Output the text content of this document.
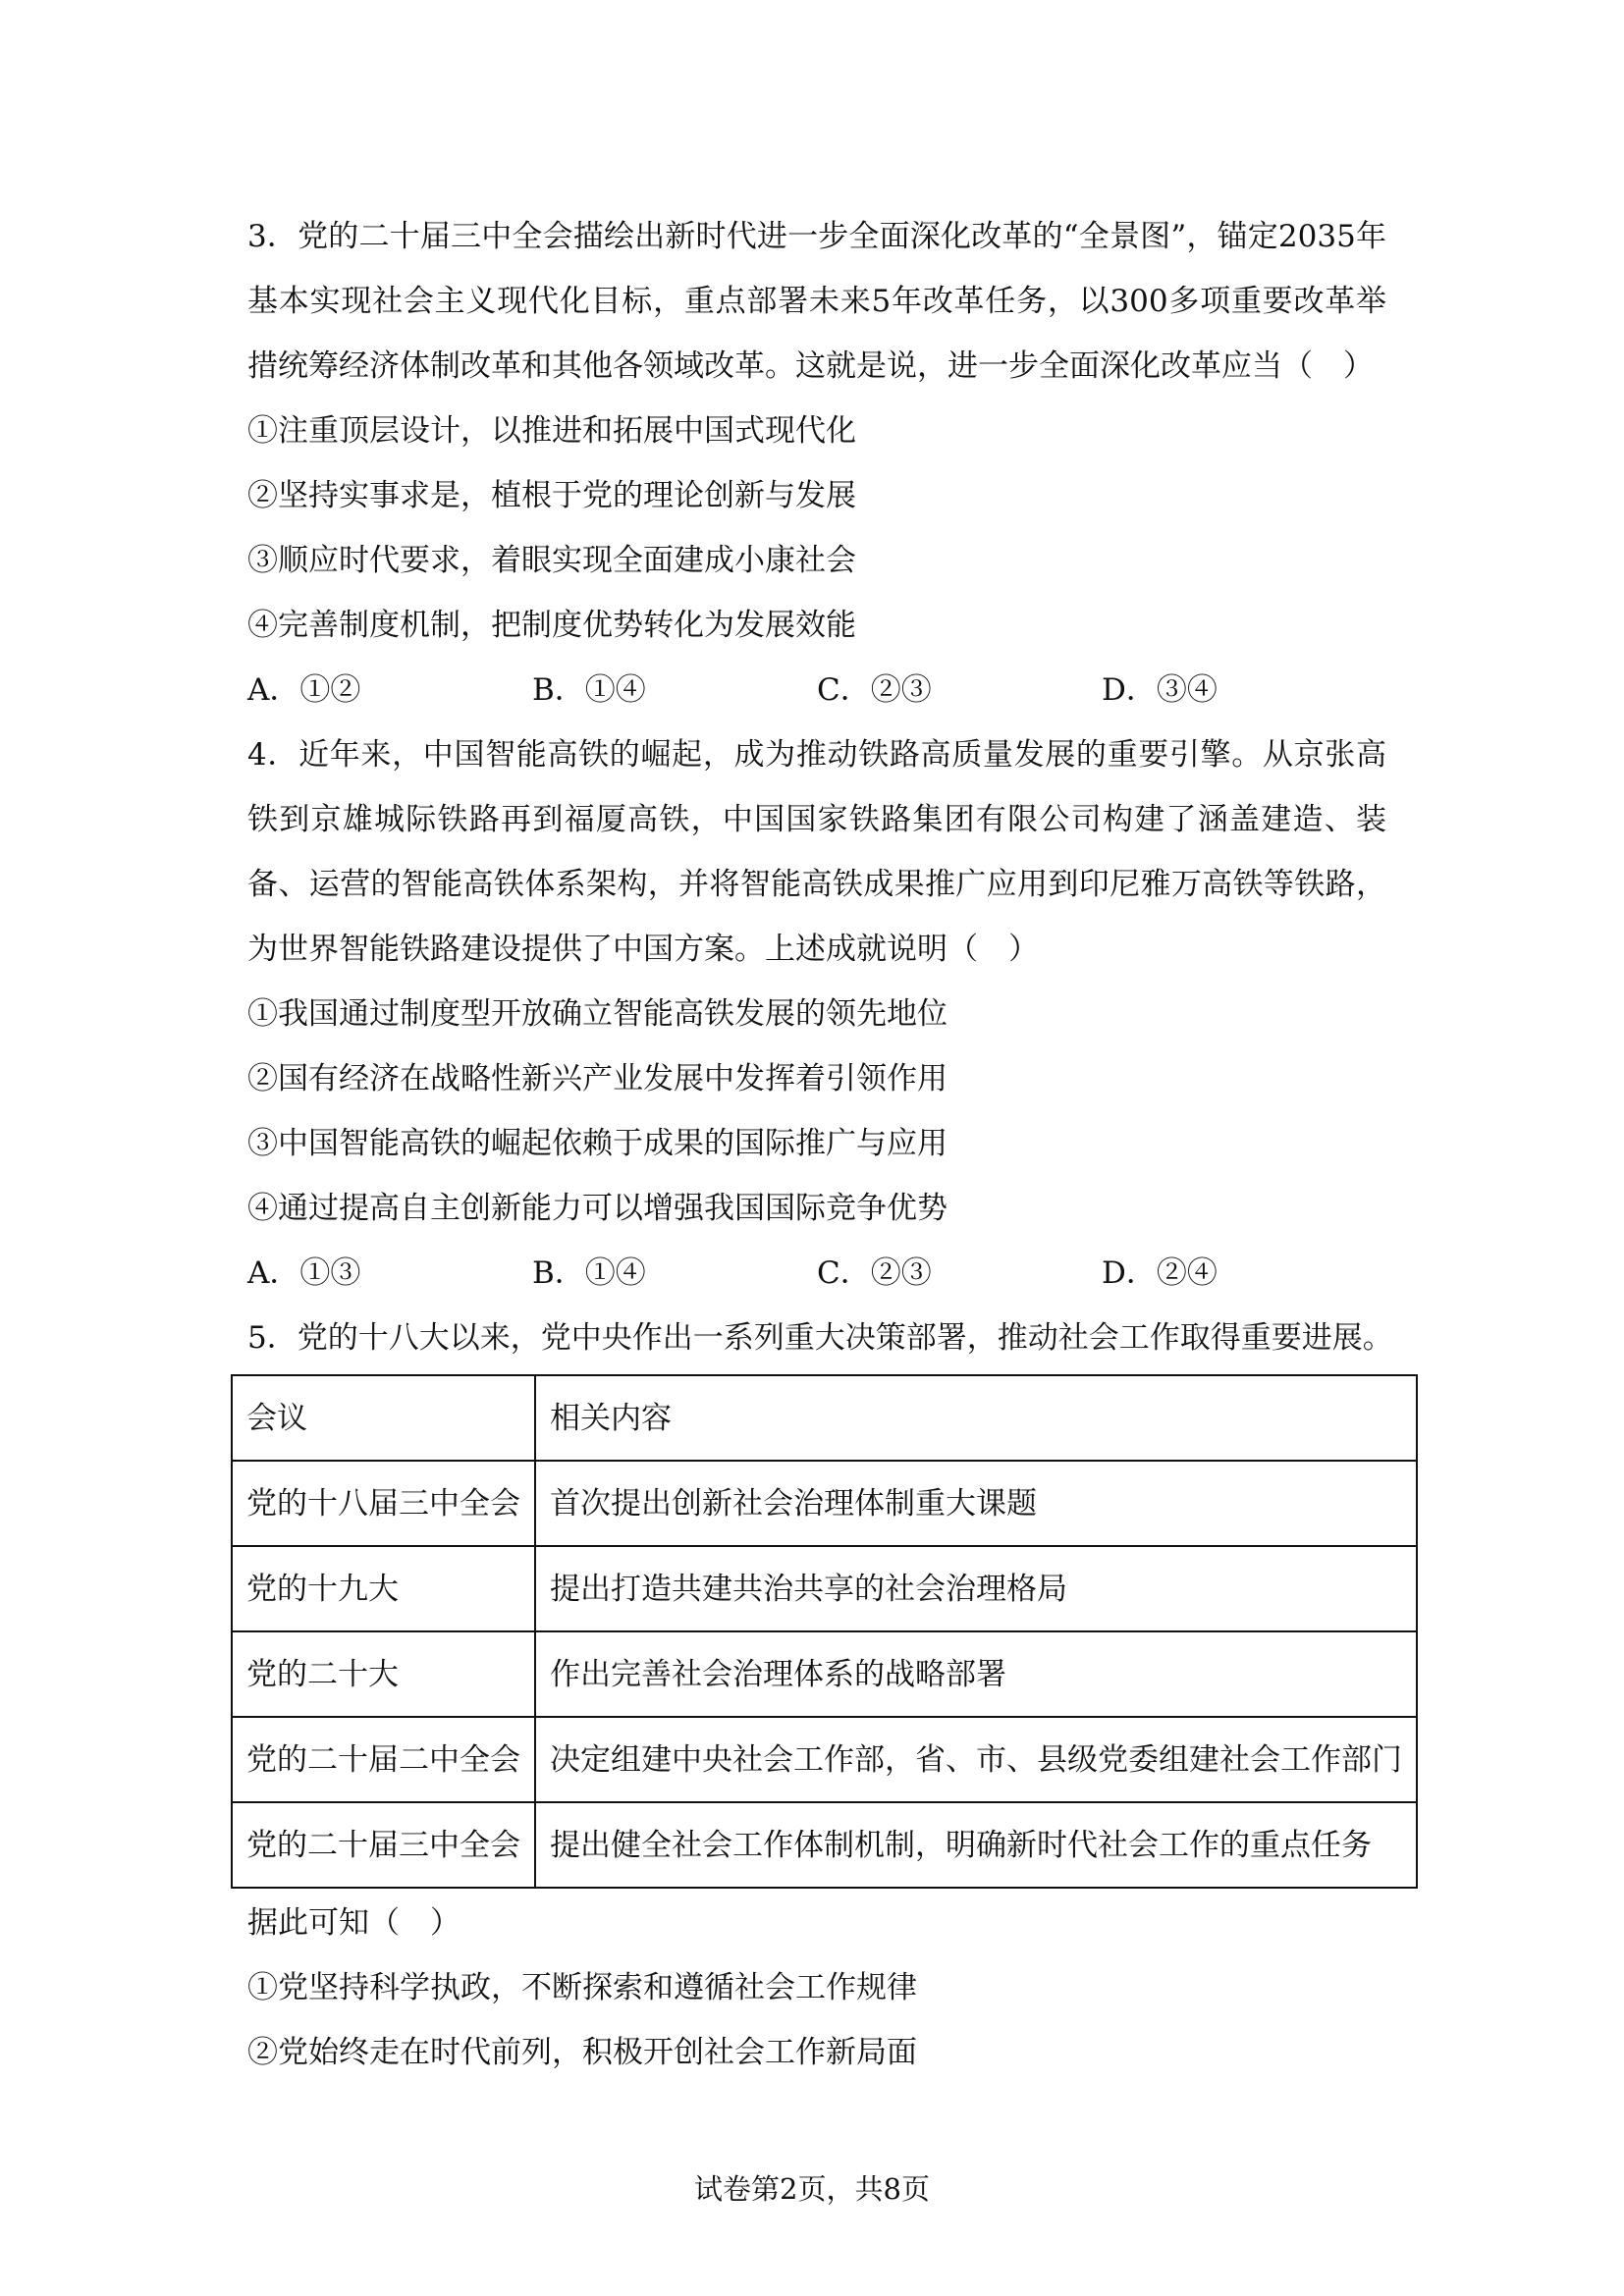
3．党的二十届三中全会描绘出新时代进一步全面深化改革的“全景图”，锚定2035年基本实现社会主义现代化目标，重点部署未来5年改革任务，以300多项重要改革举措统筹经济体制改革和其他各领域改革。这就是说，进一步全面深化改革应当（　）

①注重顶层设计，以推进和拓展中国式现代化

②坚持实事求是，植根于党的理论创新与发展

③顺应时代要求，着眼实现全面建成小康社会

④完善制度机制，把制度优势转化为发展效能

A．①②	B．①④	C．②③	D．③④

4．近年来，中国智能高铁的崛起，成为推动铁路高质量发展的重要引擎。从京张高铁到京雄城际铁路再到福厦高铁，中国国家铁路集团有限公司构建了涵盖建造、装备、运营的智能高铁体系架构，并将智能高铁成果推广应用到印尼雅万高铁等铁路，为世界智能铁路建设提供了中国方案。上述成就说明（　）

①我国通过制度型开放确立智能高铁发展的领先地位

②国有经济在战略性新兴产业发展中发挥着引领作用

③中国智能高铁的崛起依赖于成果的国际推广与应用

④通过提高自主创新能力可以增强我国国际竞争优势

A．①③	B．①④	C．②③	D．②④

5．党的十八大以来，党中央作出一系列重大决策部署，推动社会工作取得重要进展。

会议	相关内容
党的十八届三中全会	首次提出创新社会治理体制重大课题
党的十九大	提出打造共建共治共享的社会治理格局
党的二十大	作出完善社会治理体系的战略部署
党的二十届二中全会	决定组建中央社会工作部，省、市、县级党委组建社会工作部门
党的二十届三中全会	提出健全社会工作体制机制，明确新时代社会工作的重点任务

据此可知（　）

①党坚持科学执政，不断探索和遵循社会工作规律

②党始终走在时代前列，积极开创社会工作新局面

试卷第2页，共8页
